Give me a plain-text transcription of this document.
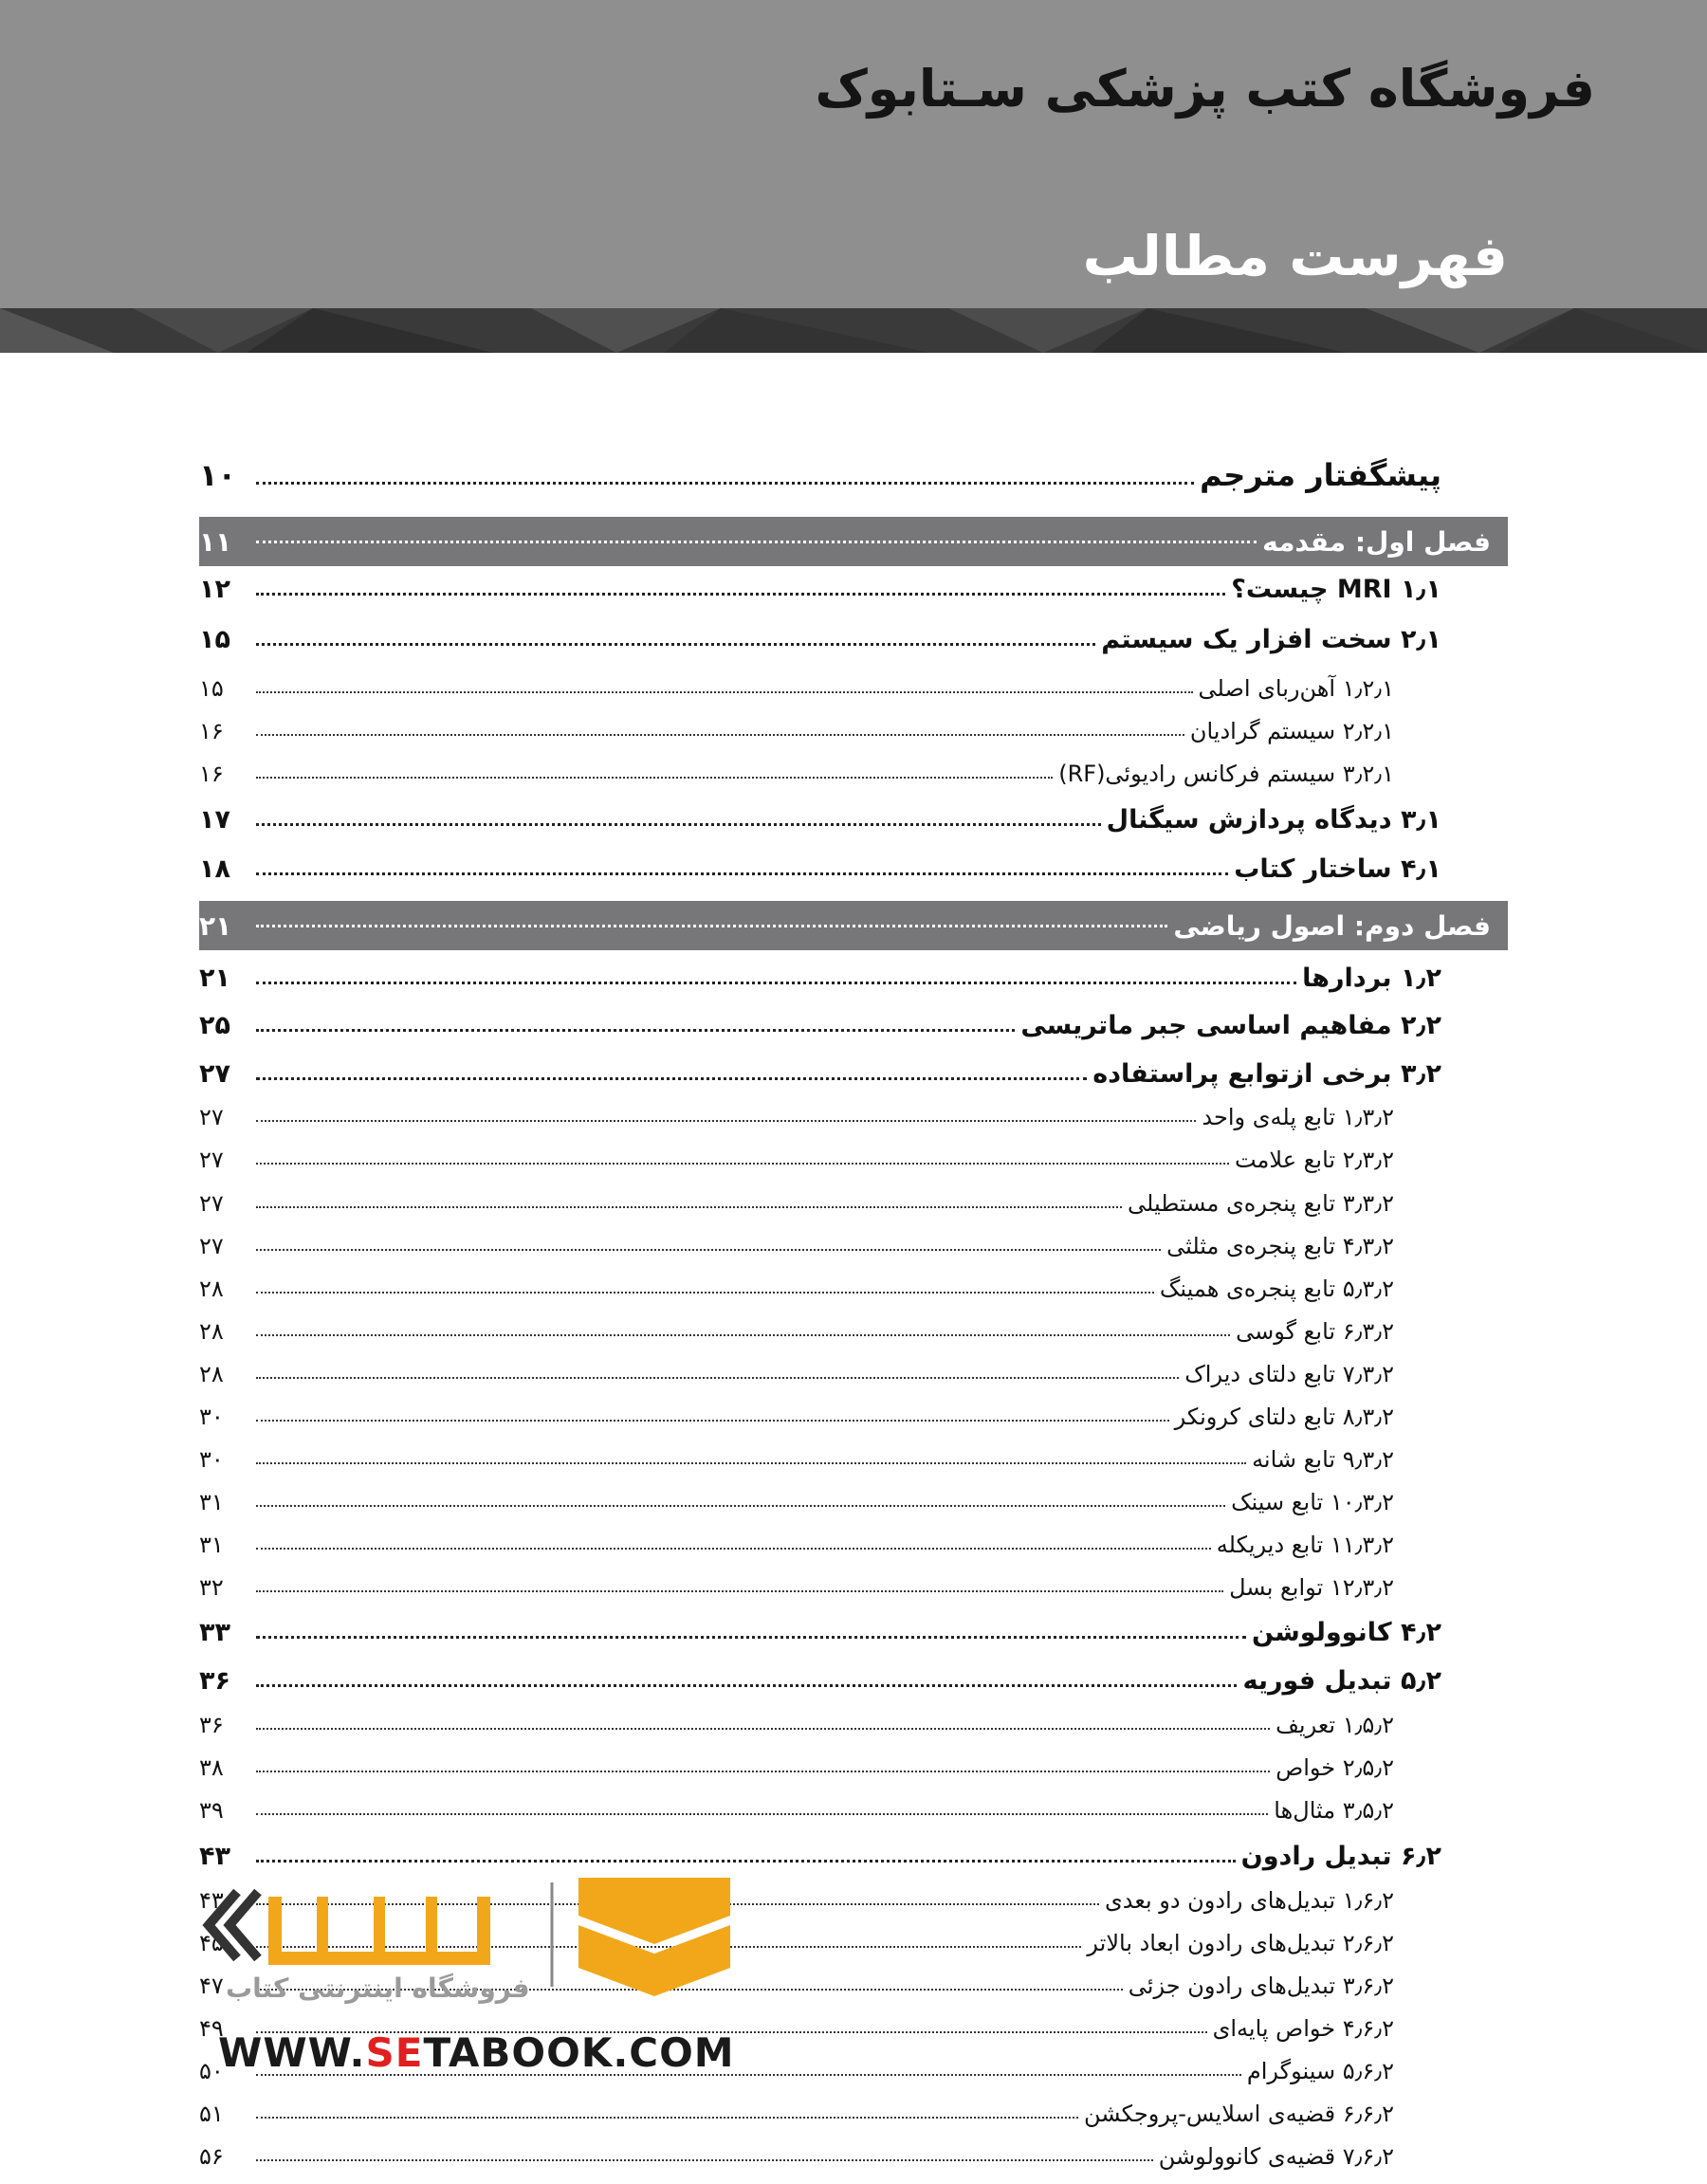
فروشگاه کتب پزشکی سـتابوک
فهرست مطالب
پیشگفتار مترجم
۱۰
فصل اول: مقدمه
۱۱
۱٫۱ MRI چیست؟
۱۲
۲٫۱ سخت افزار یک سیستم
۱۵
۱٫۲٫۱ آهن‌ربای اصلی
۱۵
۲٫۲٫۱ سیستم گرادیان
۱۶
۳٫۲٫۱ سیستم فرکانس رادیوئی(RF)
۱۶
۳٫۱ دیدگاه پردازش سیگنال
۱۷
۴٫۱ ساختار کتاب
۱۸
فصل دوم: اصول ریاضی
۲۱
۱٫۲ بردارها
۲۱
۲٫۲ مفاهیم اساسی جبر ماتریسی
۲۵
۳٫۲ برخی ازتوابع پراستفاده
۲۷
۱٫۳٫۲ تابع پله‌ی واحد
۲۷
۲٫۳٫۲ تابع علامت
۲۷
۳٫۳٫۲ تابع پنجره‌ی مستطیلی
۲۷
۴٫۳٫۲ تابع پنجره‌ی مثلثی
۲۷
۵٫۳٫۲ تابع پنجره‌ی همینگ
۲۸
۶٫۳٫۲ تابع گوسی
۲۸
۷٫۳٫۲ تابع دلتای دیراک
۲۸
۸٫۳٫۲ تابع دلتای کرونکر
۳۰
۹٫۳٫۲ تابع شانه
۳۰
۱۰٫۳٫۲ تابع سینک
۳۱
۱۱٫۳٫۲ تابع دیریکله
۳۱
۱۲٫۳٫۲ توابع بسل
۳۲
۴٫۲ کانوولوشن
۳۳
۵٫۲ تبدیل فوریه
۳۶
۱٫۵٫۲ تعریف
۳۶
۲٫۵٫۲ خواص
۳۸
۳٫۵٫۲ مثال‌ها
۳۹
۶٫۲ تبدیل رادون
۴۳
۱٫۶٫۲ تبدیل‌های رادون دو بعدی
۴۳
۲٫۶٫۲ تبدیل‌های رادون ابعاد بالاتر
۴۵
۳٫۶٫۲ تبدیل‌های رادون جزئی
۴۷
۴٫۶٫۲ خواص پایه‌ای
۴۹
۵٫۶٫۲ سینوگرام
۵۰
۶٫۶٫۲ قضیه‌ی اسلایس-پروجکشن
۵۱
۷٫۶٫۲ قضیه‌ی کانوولوشن
۵۶
فروشگاه اینترنتی کتاب
WWW.SETABOOK.COM
